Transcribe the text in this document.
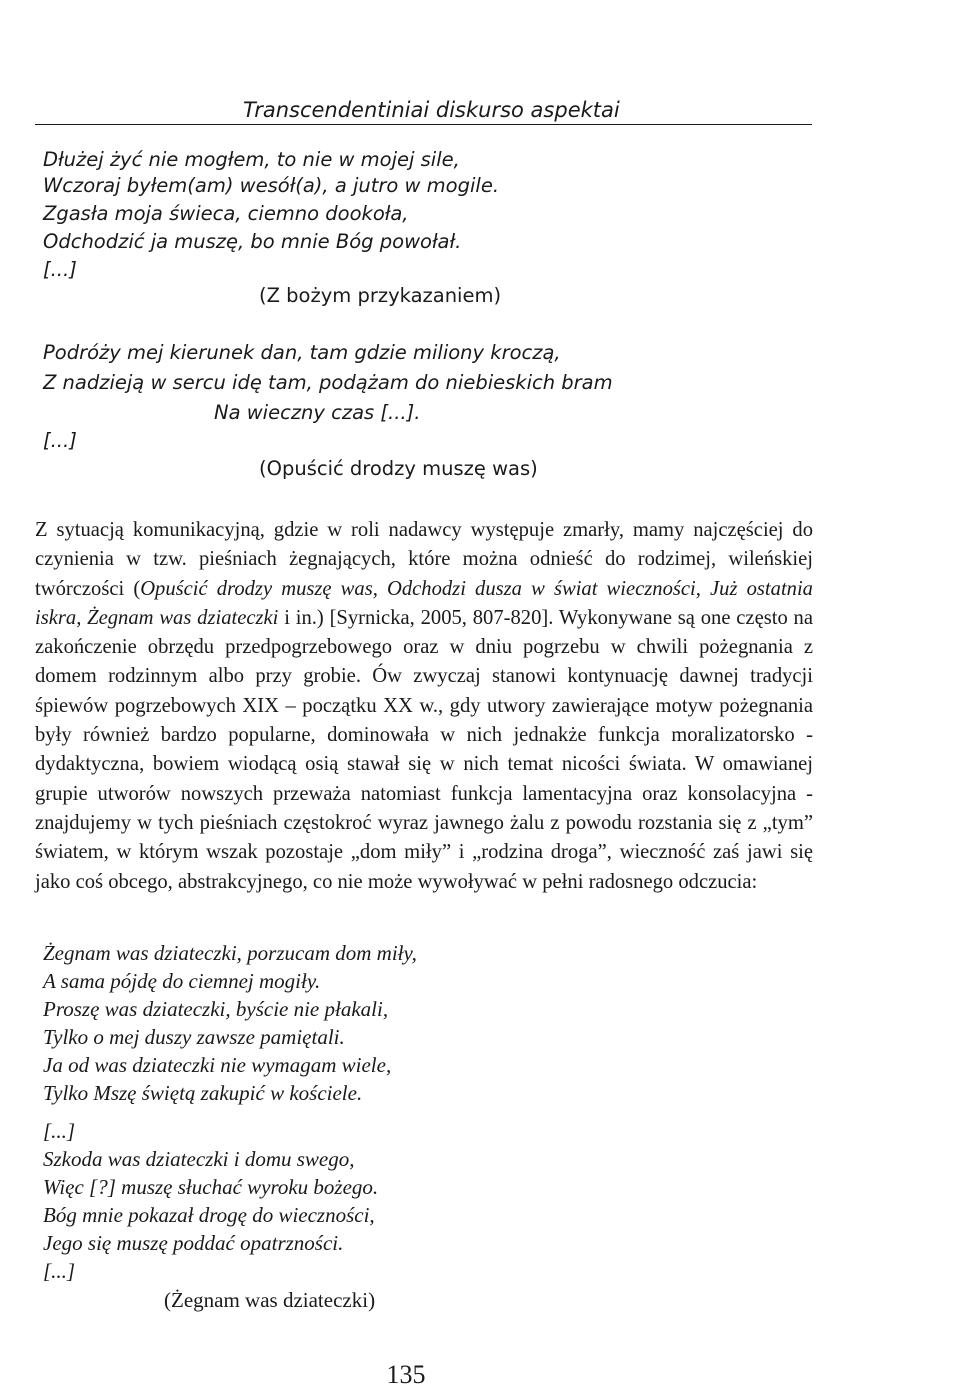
Transcendentiniai diskurso aspektai
Dłużej żyć nie mogłem, to nie w mojej sile,
Wczoraj byłem(am) wesół(a), a jutro w mogile.
Zgasła moja świeca, ciemno dookoła,
Odchodzić ja muszę, bo mnie Bóg powołał.
[...]
(Z bożym przykazaniem)
Podróży mej kierunek dan, tam gdzie miliony kroczą,
Z nadzieją w sercu idę tam, podążam do niebieskich bram
Na wieczny czas [...].
[...]
(Opuścić drodzy muszę was)
Z sytuacją komunikacyjną, gdzie w roli nadawcy występuje zmarły, mamy najczęściej do czynienia w tzw. pieśniach żegnających, które można odnieść do rodzimej, wileńskiej twórczości (Opuścić drodzy muszę was, Odchodzi dusza w świat wieczności, Już ostatnia iskra, Żegnam was dziateczki i in.) [Syrnicka, 2005, 807-820]. Wykonywane są one często na zakończenie obrzędu przedpogrzebowego oraz w dniu pogrzebu w chwili pożegnania z domem rodzinnym albo przy grobie. Ów zwyczaj stanowi kontynuację dawnej tradycji śpiewów pogrzebowych XIX – początku XX w., gdy utwory zawierające motyw pożegnania były również bardzo popularne, dominowała w nich jednakże funkcja moralizatorsko - dydaktyczna, bowiem wiodącą osią stawał się w nich temat nicości świata. W omawianej grupie utworów nowszych przeważa natomiast funkcja lamentacyjna oraz konsolacyjna - znajdujemy w tych pieśniach częstokroć wyraz jawnego żalu z powodu rozstania się z „tym” światem, w którym wszak pozostaje „dom miły” i „rodzina droga”, wieczność zaś jawi się jako coś obcego, abstrakcyjnego, co nie może wywoływać w pełni radosnego odczucia:
Żegnam was dziateczki, porzucam dom miły,
A sama pójdę do ciemnej mogiły.
Proszę was dziateczki, byście nie płakali,
Tylko o mej duszy zawsze pamiętali.
Ja od was dziateczki nie wymagam wiele,
Tylko Mszę świętą zakupić w kościele.
[...]
Szkoda was dziateczki i domu swego,
Więc [?] muszę słuchać wyroku bożego.
Bóg mnie pokazał drogę do wieczności,
Jego się muszę poddać opatrzności.
[...]
(Żegnam was dziateczki)
135
